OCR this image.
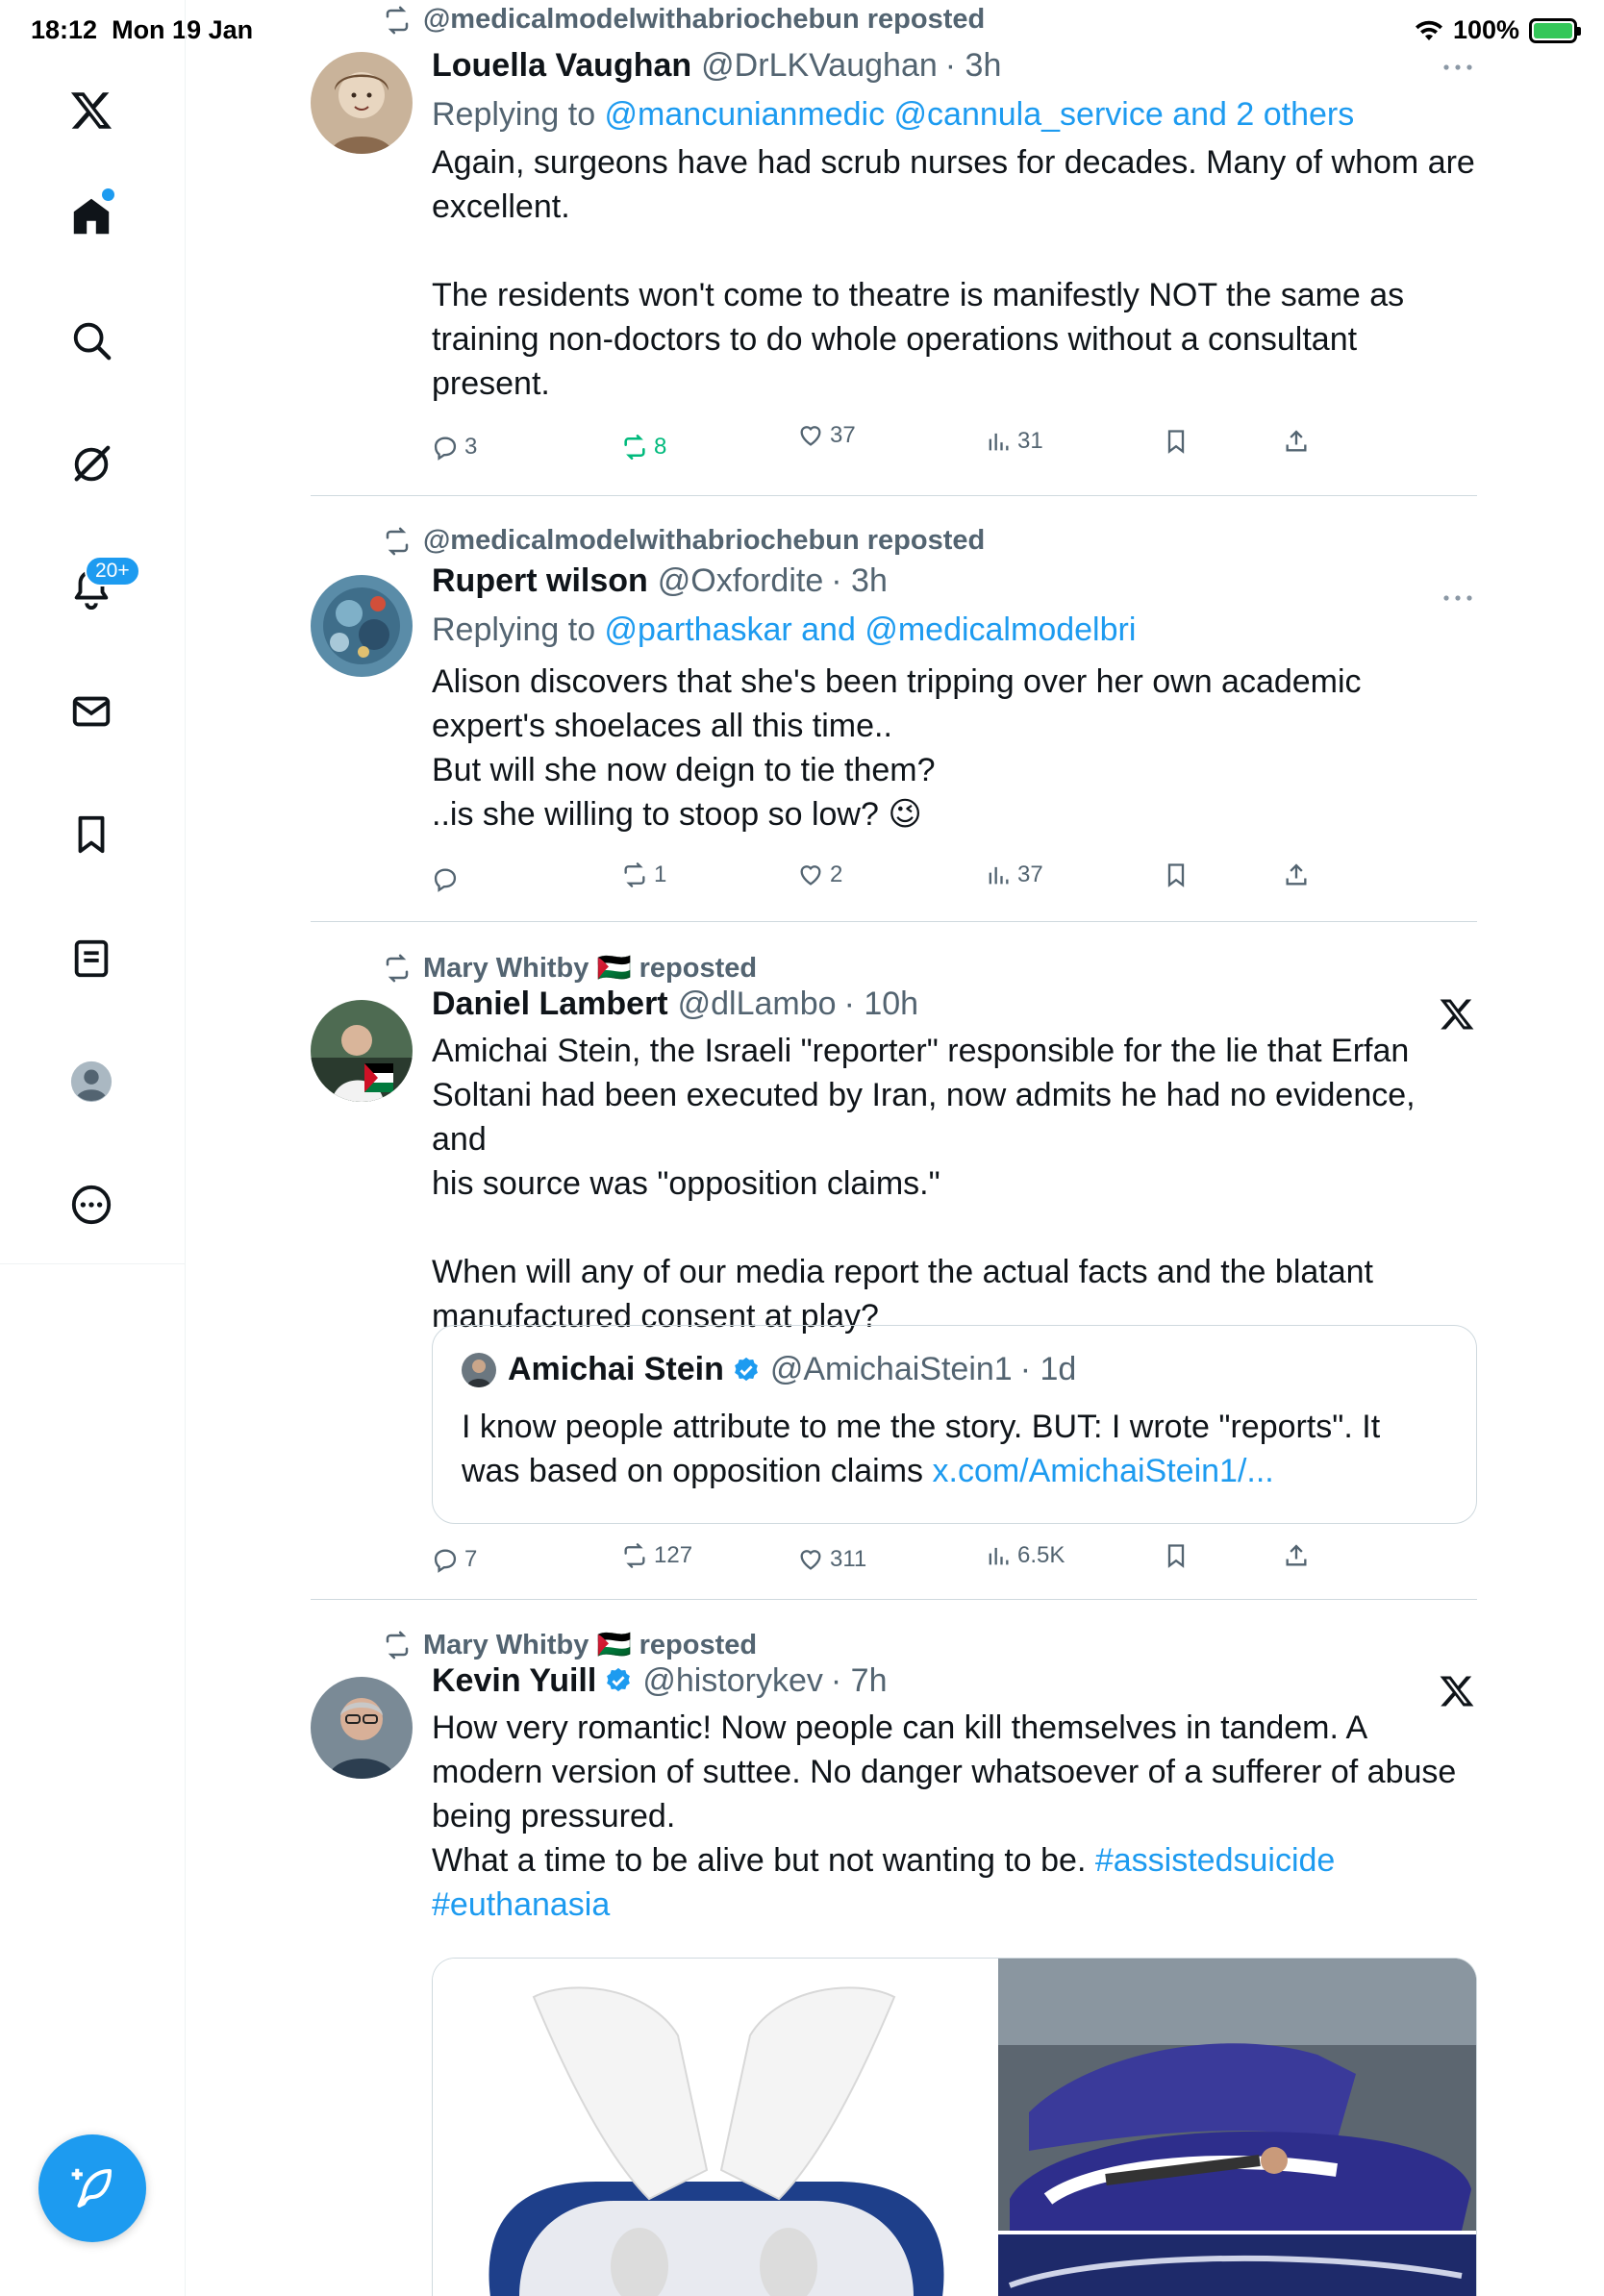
18:12 Mon 19 Jan	100%
20+
@medicalmodelwithabriochebun reposted
Louella Vaughan @DrLKVaughan · 3h
Replying to @mancunianmedic @cannula_service and 2 others
Again, surgeons have had scrub nurses for decades. Many of whom are
excellent.

The residents won't come to theatre is manifestly NOT the same as
training non-doctors to do whole operations without a consultant
present.
3	8	37	31
@medicalmodelwithabriochebun reposted
Rupert wilson @Oxfordite · 3h
Replying to @parthaskar and @medicalmodelbri
Alison discovers that she's been tripping over her own academic
expert's shoelaces all this time..
But will she now deign to tie them?
..is she willing to stoop so low? 😉
1	2	37
Mary Whitby 🇵🇸 reposted
Daniel Lambert @dlLambo · 10h
Amichai Stein, the Israeli "reporter" responsible for the lie that Erfan
Soltani had been executed by Iran, now admits he had no evidence, and
his source was "opposition claims."

When will any of our media report the actual facts and the blatant
manufactured consent at play?
Amichai Stein @AmichaiStein1 · 1d
I know people attribute to me the story. BUT: I wrote "reports". It
was based on opposition claims x.com/AmichaiStein1/...
7	127	311	6.5K
Mary Whitby 🇵🇸 reposted
Kevin Yuill @historykev · 7h
How very romantic! Now people can kill themselves in tandem. A
modern version of suttee. No danger whatsoever of a sufferer of abuse
being pressured.
What a time to be alive but not wanting to be. #assistedsuicide
#euthanasia
